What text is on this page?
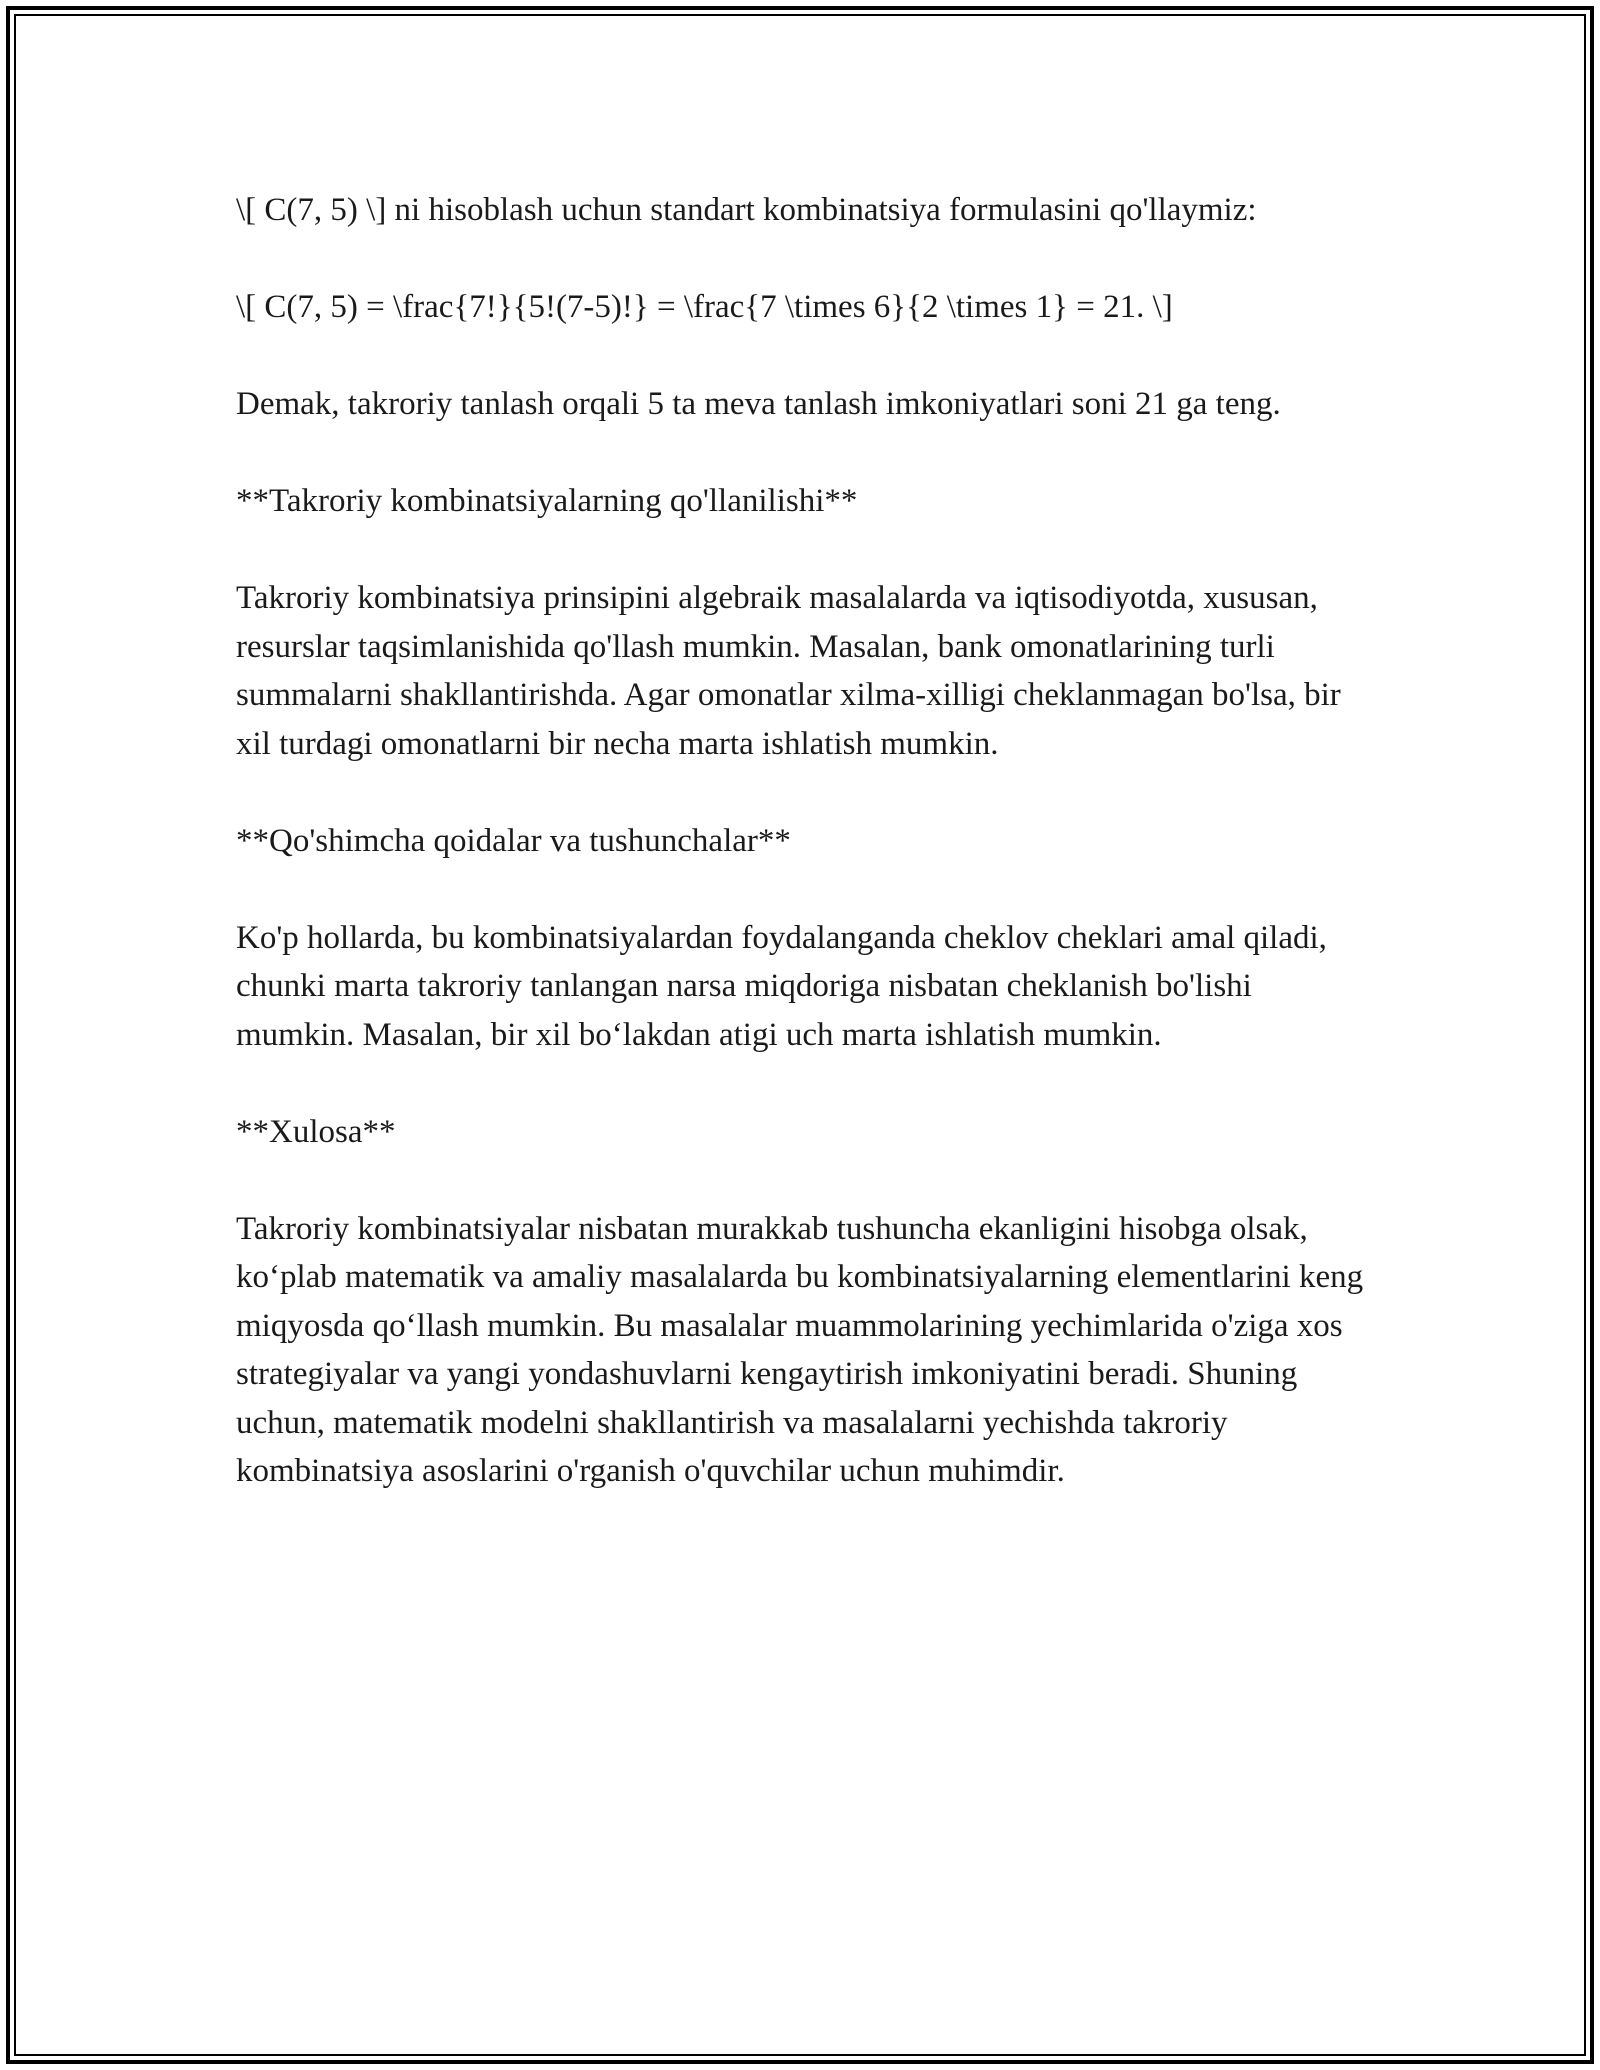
\[ C(7, 5) \] ni hisoblash uchun standart kombinatsiya formulasini qo'llaymiz:

\[ C(7, 5) = \frac{7!}{5!(7-5)!} = \frac{7 \times 6}{2 \times 1} = 21. \]

Demak, takroriy tanlash orqali 5 ta meva tanlash imkoniyatlari soni 21 ga teng.

**Takroriy kombinatsiyalarning qo'llanilishi**

Takroriy kombinatsiya prinsipini algebraik masalalarda va iqtisodiyotda, xususan, resurslar taqsimlanishida qo'llash mumkin. Masalan, bank omonatlarining turli summalarni shakllantirishda. Agar omonatlar xilma-xilligi cheklanmagan bo'lsa, bir xil turdagi omonatlarni bir necha marta ishlatish mumkin.

**Qo'shimcha qoidalar va tushunchalar**

Ko'p hollarda, bu kombinatsiyalardan foydalanganda cheklov cheklari amal qiladi, chunki marta takroriy tanlangan narsa miqdoriga nisbatan cheklanish bo'lishi mumkin. Masalan, bir xil bo‘lakdan atigi uch marta ishlatish mumkin.

**Xulosa**

Takroriy kombinatsiyalar nisbatan murakkab tushuncha ekanligini hisobga olsak, ko‘plab matematik va amaliy masalalarda bu kombinatsiyalarning elementlarini keng miqyosda qo‘llash mumkin. Bu masalalar muammolarining yechimlarida o'ziga xos strategiyalar va yangi yondashuvlarni kengaytirish imkoniyatini beradi. Shuning uchun, matematik modelni shakllantirish va masalalarni yechishda takroriy kombinatsiya asoslarini o'rganish o'quvchilar uchun muhimdir.
